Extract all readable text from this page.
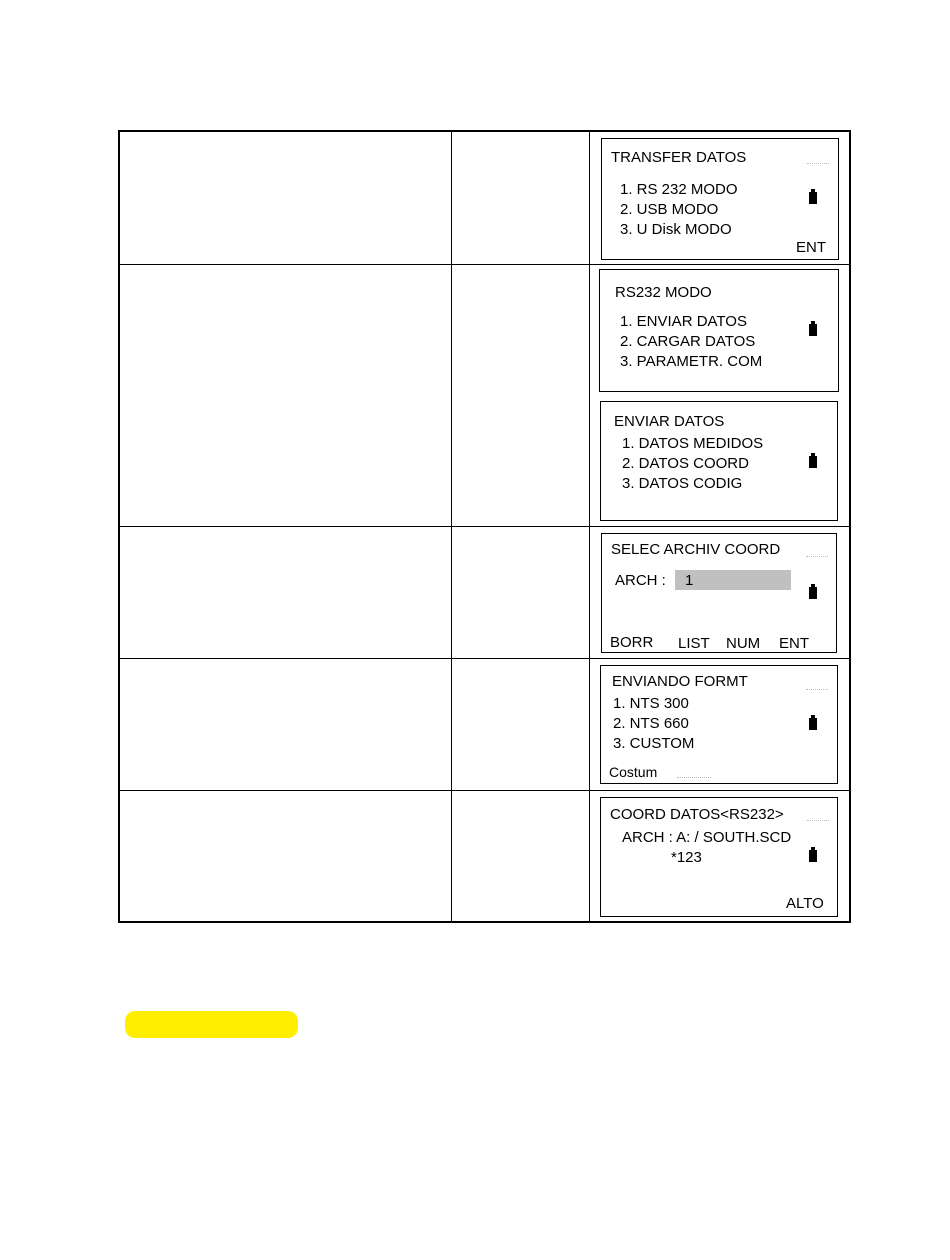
TRANSFER DATOS
1. RS 232 MODO
2. USB MODO
3. U Disk MODO
ENT
RS232 MODO
1. ENVIAR DATOS
2. CARGAR DATOS
3. PARAMETR. COM
ENVIAR DATOS
1. DATOS MEDIDOS
2. DATOS COORD
3. DATOS CODIG
SELEC ARCHIV COORD
ARCH : 1
BORR LIST NUM ENT
ENVIANDO FORMT
1. NTS 300
2. NTS 660
3. CUSTOM
Costum
COORD DATOS<RS232>
ARCH : A: / SOUTH.SCD
*123
ALTO
